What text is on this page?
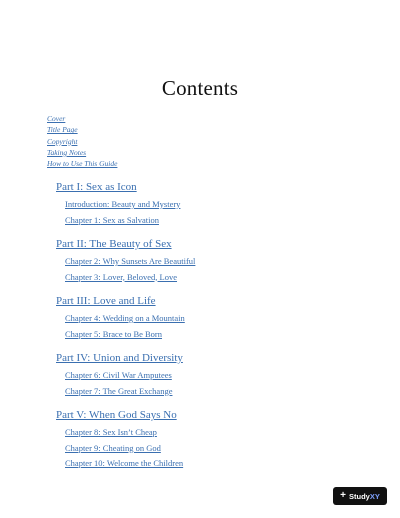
Contents
Cover
Title Page
Copyright
Taking Notes
How to Use This Guide
Part I: Sex as Icon
Introduction: Beauty and Mystery
Chapter 1: Sex as Salvation
Part II: The Beauty of Sex
Chapter 2: Why Sunsets Are Beautiful
Chapter 3: Lover, Beloved, Love
Part III: Love and Life
Chapter 4: Wedding on a Mountain
Chapter 5: Brace to Be Born
Part IV: Union and Diversity
Chapter 6: Civil War Amputees
Chapter 7: The Great Exchange
Part V: When God Says No
Chapter 8: Sex Isn’t Cheap
Chapter 9: Cheating on God
Chapter 10: Welcome the Children
+ StudyXY
